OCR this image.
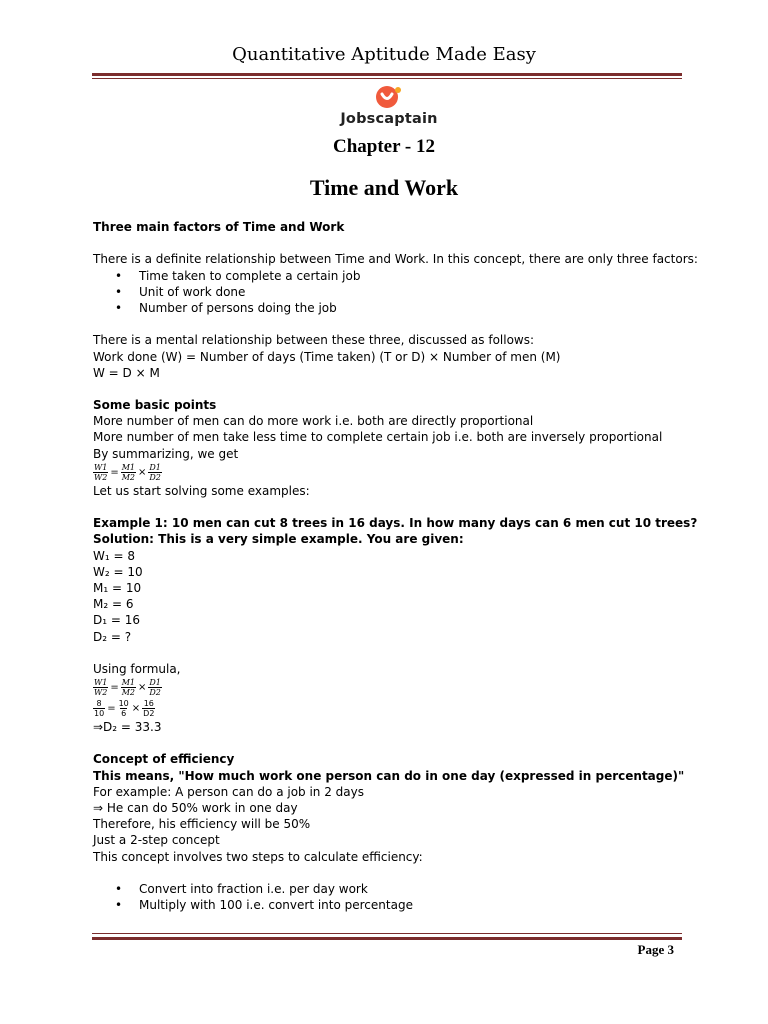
Quantitative Aptitude Made Easy
Jobscaptain
Chapter - 12
Time and Work
Three main factors of Time and Work
There is a definite relationship between Time and Work. In this concept, there are only three factors:
• Time taken to complete a certain job
• Unit of work done
• Number of persons doing the job
There is a mental relationship between these three, discussed as follows:
Work done (W) = Number of days (Time taken) (T or D) × Number of men (M)
W = D × M
Some basic points
More number of men can do more work i.e. both are directly proportional
More number of men take less time to complete certain job i.e. both are inversely proportional
By summarizing, we get
$\frac{W1}{W2} = \frac{M1}{M2} \times \frac{D1}{D2}$
Let us start solving some examples:
Example 1: 10 men can cut 8 trees in 16 days. In how many days can 6 men cut 10 trees?
Solution: This is a very simple example. You are given:
W₁ = 8
W₂ = 10
M₁ = 10
M₂ = 6
D₁ = 16
D₂ = ?
Using formula,
$\frac{W1}{W2} = \frac{M1}{M2} \times \frac{D1}{D2}$
$\frac{8}{10} = \frac{10}{6} \times \frac{16}{D2}$
⇒D₂ = 33.3
Concept of efficiency
This means, "How much work one person can do in one day (expressed in percentage)"
For example: A person can do a job in 2 days
⇒ He can do 50% work in one day
Therefore, his efficiency will be 50%
Just a 2-step concept
This concept involves two steps to calculate efficiency:
• Convert into fraction i.e. per day work
• Multiply with 100 i.e. convert into percentage
Page 3
